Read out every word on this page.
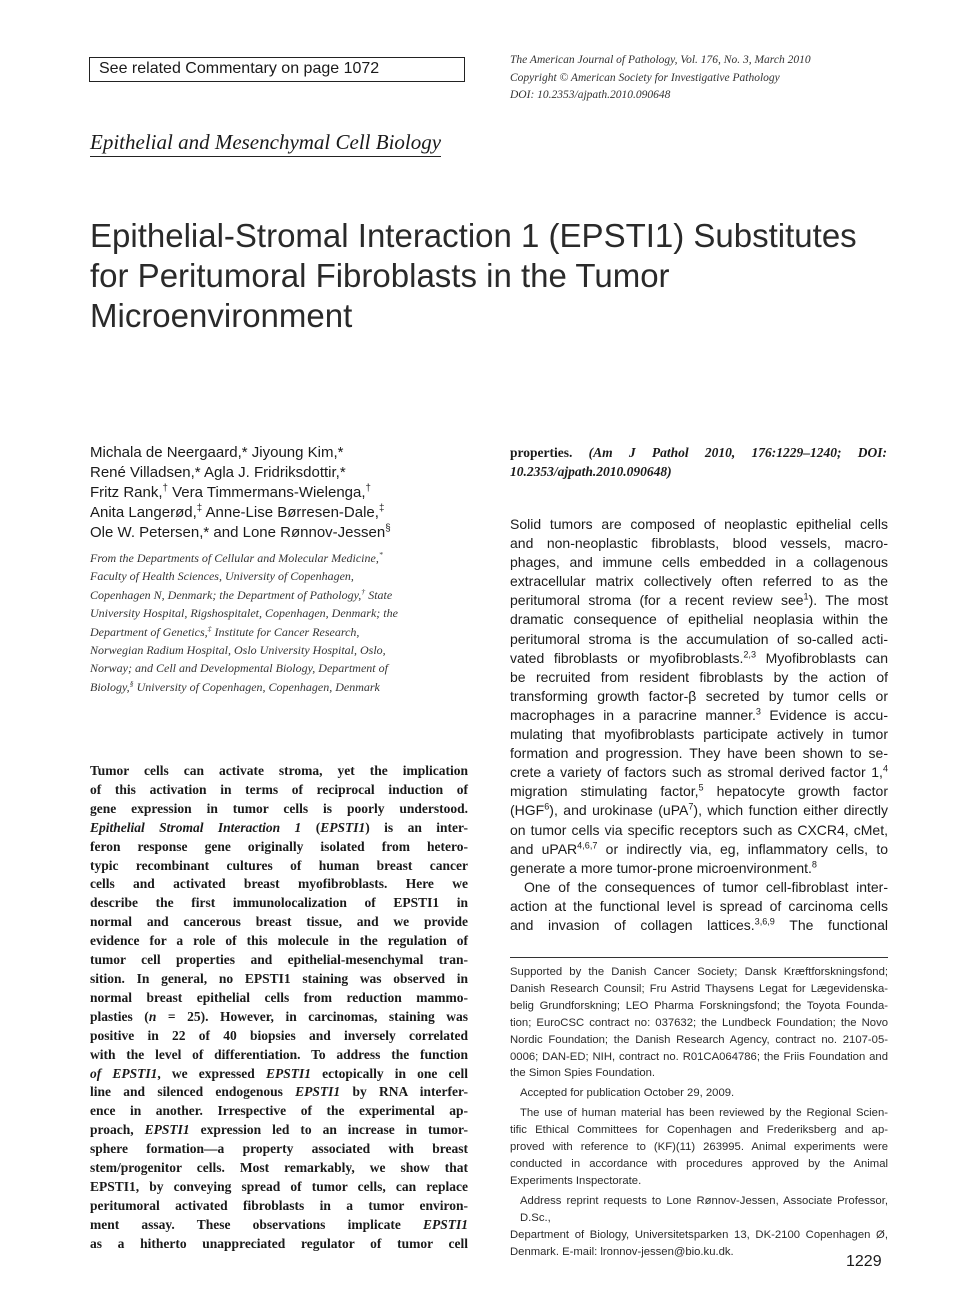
See related Commentary on page 1072	The American Journal of Pathology, Vol. 176, No. 3, March 2010
Copyright © American Society for Investigative Pathology
DOI: 10.2353/ajpath.2010.090648
Epithelial and Mesenchymal Cell Biology
Epithelial-Stromal Interaction 1 (EPSTI1) Substitutes
for Peritumoral Fibroblasts in the Tumor
Microenvironment
Michala de Neergaard,* Jiyoung Kim,*
René Villadsen,* Agla J. Fridriksdottir,*
Fritz Rank,† Vera Timmermans-Wielenga,†
Anita Langerød,‡ Anne-Lise Børresen-Dale,‡
Ole W. Petersen,* and Lone Rønnov-Jessen§
From the Departments of Cellular and Molecular Medicine,*
Faculty of Health Sciences, University of Copenhagen,
Copenhagen N, Denmark; the Department of Pathology,† State
University Hospital, Rigshospitalet, Copenhagen, Denmark; the
Department of Genetics,‡ Institute for Cancer Research,
Norwegian Radium Hospital, Oslo University Hospital, Oslo,
Norway; and Cell and Developmental Biology, Department of
Biology,§ University of Copenhagen, Copenhagen, Denmark
Tumor cells can activate stroma, yet the implication
of this activation in terms of reciprocal induction of
gene expression in tumor cells is poorly understood.
Epithelial Stromal Interaction 1 (EPSTI1) is an inter-
feron response gene originally isolated from hetero-
typic recombinant cultures of human breast cancer
cells and activated breast myofibroblasts. Here we
describe the first immunolocalization of EPSTI1 in
normal and cancerous breast tissue, and we provide
evidence for a role of this molecule in the regulation of
tumor cell properties and epithelial-mesenchymal tran-
sition. In general, no EPSTI1 staining was observed in
normal breast epithelial cells from reduction mammo-
plasties (n = 25). However, in carcinomas, staining was
positive in 22 of 40 biopsies and inversely correlated
with the level of differentiation. To address the function
of EPSTI1, we expressed EPSTI1 ectopically in one cell
line and silenced endogenous EPSTI1 by RNA interfer-
ence in another. Irrespective of the experimental ap-
proach, EPSTI1 expression led to an increase in tumor-
sphere formation—a property associated with breast
stem/progenitor cells. Most remarkably, we show that
EPSTI1, by conveying spread of tumor cells, can replace
peritumoral activated fibroblasts in a tumor environ-
ment assay. These observations implicate EPSTI1
as a hitherto unappreciated regulator of tumor cell
properties. (Am J Pathol 2010, 176:1229–1240; DOI:
10.2353/ajpath.2010.090648)
Solid tumors are composed of neoplastic epithelial cells
and non-neoplastic fibroblasts, blood vessels, macro-
phages, and immune cells embedded in a collagenous
extracellular matrix collectively often referred to as the
peritumoral stroma (for a recent review see$^1$). The most
dramatic consequence of epithelial neoplasia within the
peritumoral stroma is the accumulation of so-called acti-
vated fibroblasts or myofibroblasts.$^{2,3}$ Myofibroblasts can
be recruited from resident fibroblasts by the action of
transforming growth factor-β secreted by tumor cells or
macrophages in a paracrine manner.$^3$ Evidence is accu-
mulating that myofibroblasts participate actively in tumor
formation and progression. They have been shown to se-
crete a variety of factors such as stromal derived factor 1,$^4$
migration stimulating factor,$^5$ hepatocyte growth factor
(HGF$^6$), and urokinase (uPA$^7$), which function either directly
on tumor cells via specific receptors such as CXCR4, cMet,
and uPAR$^{4,6,7}$ or indirectly via, eg, inflammatory cells, to
generate a more tumor-prone microenvironment.$^8$
One of the consequences of tumor cell-fibroblast inter-
action at the functional level is spread of carcinoma cells
and invasion of collagen lattices.$^{3,6,9}$ The functional
Supported by the Danish Cancer Society; Dansk Kræftforskningsfond;
Danish Research Counsil; Fru Astrid Thaysens Legat for Lægevidenska-
belig Grundforskning; LEO Pharma Forskningsfond; the Toyota Founda-
tion; EuroCSC contract no: 037632; the Lundbeck Foundation; the Novo
Nordic Foundation; the Danish Research Agency, contract no. 2107-05-
0006; DAN-ED; NIH, contract no. R01CA064786; the Friis Foundation and
the Simon Spies Foundation.
Accepted for publication October 29, 2009.
The use of human material has been reviewed by the Regional Scien-
tific Ethical Committees for Copenhagen and Frederiksberg and ap-
proved with reference to (KF)(11) 263995. Animal experiments were
conducted in accordance with procedures approved by the Animal
Experiments Inspectorate.
Address reprint requests to Lone Rønnov-Jessen, Associate Professor, D.Sc.,
Department of Biology, Universitetsparken 13, DK-2100 Copenhagen Ø,
Denmark. E-mail: lronnov-jessen@bio.ku.dk.
1229
